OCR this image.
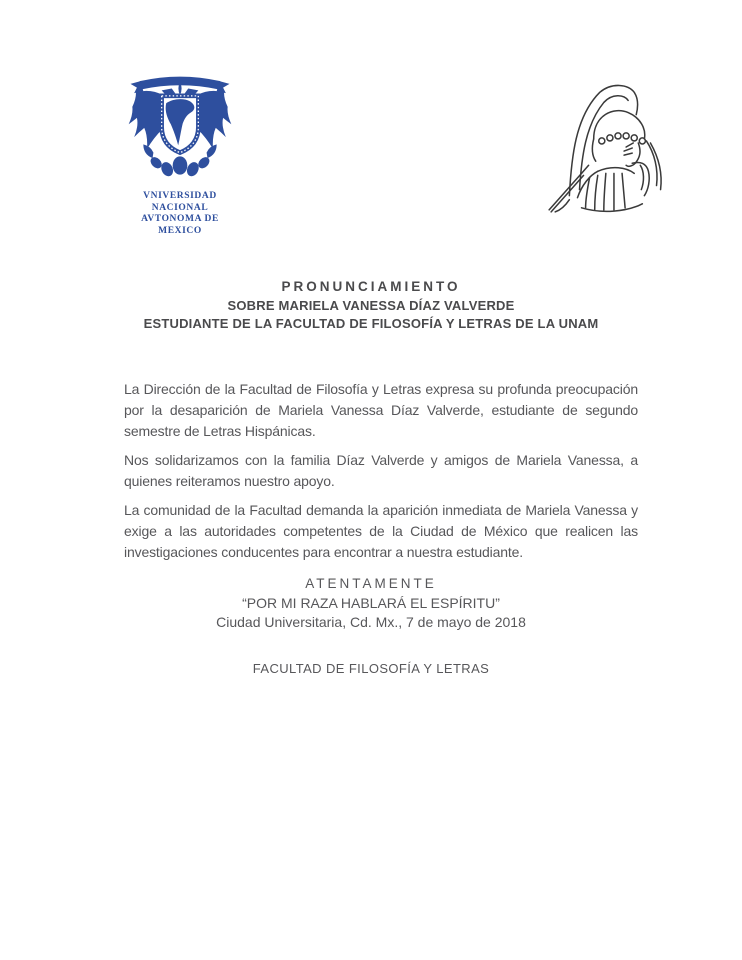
VNIVERSIDAD NACIONAL
AVTONOMA DE
MEXICO
PRONUNCIAMIENTO
SOBRE MARIELA VANESSA DÍAZ VALVERDE
ESTUDIANTE DE LA FACULTAD DE FILOSOFÍA Y LETRAS DE LA UNAM

La Dirección de la Facultad de Filosofía y Letras expresa su profunda preocupación por la desaparición de Mariela Vanessa Díaz Valverde, estudiante de segundo semestre de Letras Hispánicas.

Nos solidarizamos con la familia Díaz Valverde y amigos de Mariela Vanessa, a quienes reiteramos nuestro apoyo.

La comunidad de la Facultad demanda la aparición inmediata de Mariela Vanessa y exige a las autoridades competentes de la Ciudad de México que realicen las investigaciones conducentes para encontrar a nuestra estudiante.

ATENTAMENTE
“POR MI RAZA HABLARÁ EL ESPÍRITU”
Ciudad Universitaria, Cd. Mx., 7 de mayo de 2018
FACULTAD DE FILOSOFÍA Y LETRAS
